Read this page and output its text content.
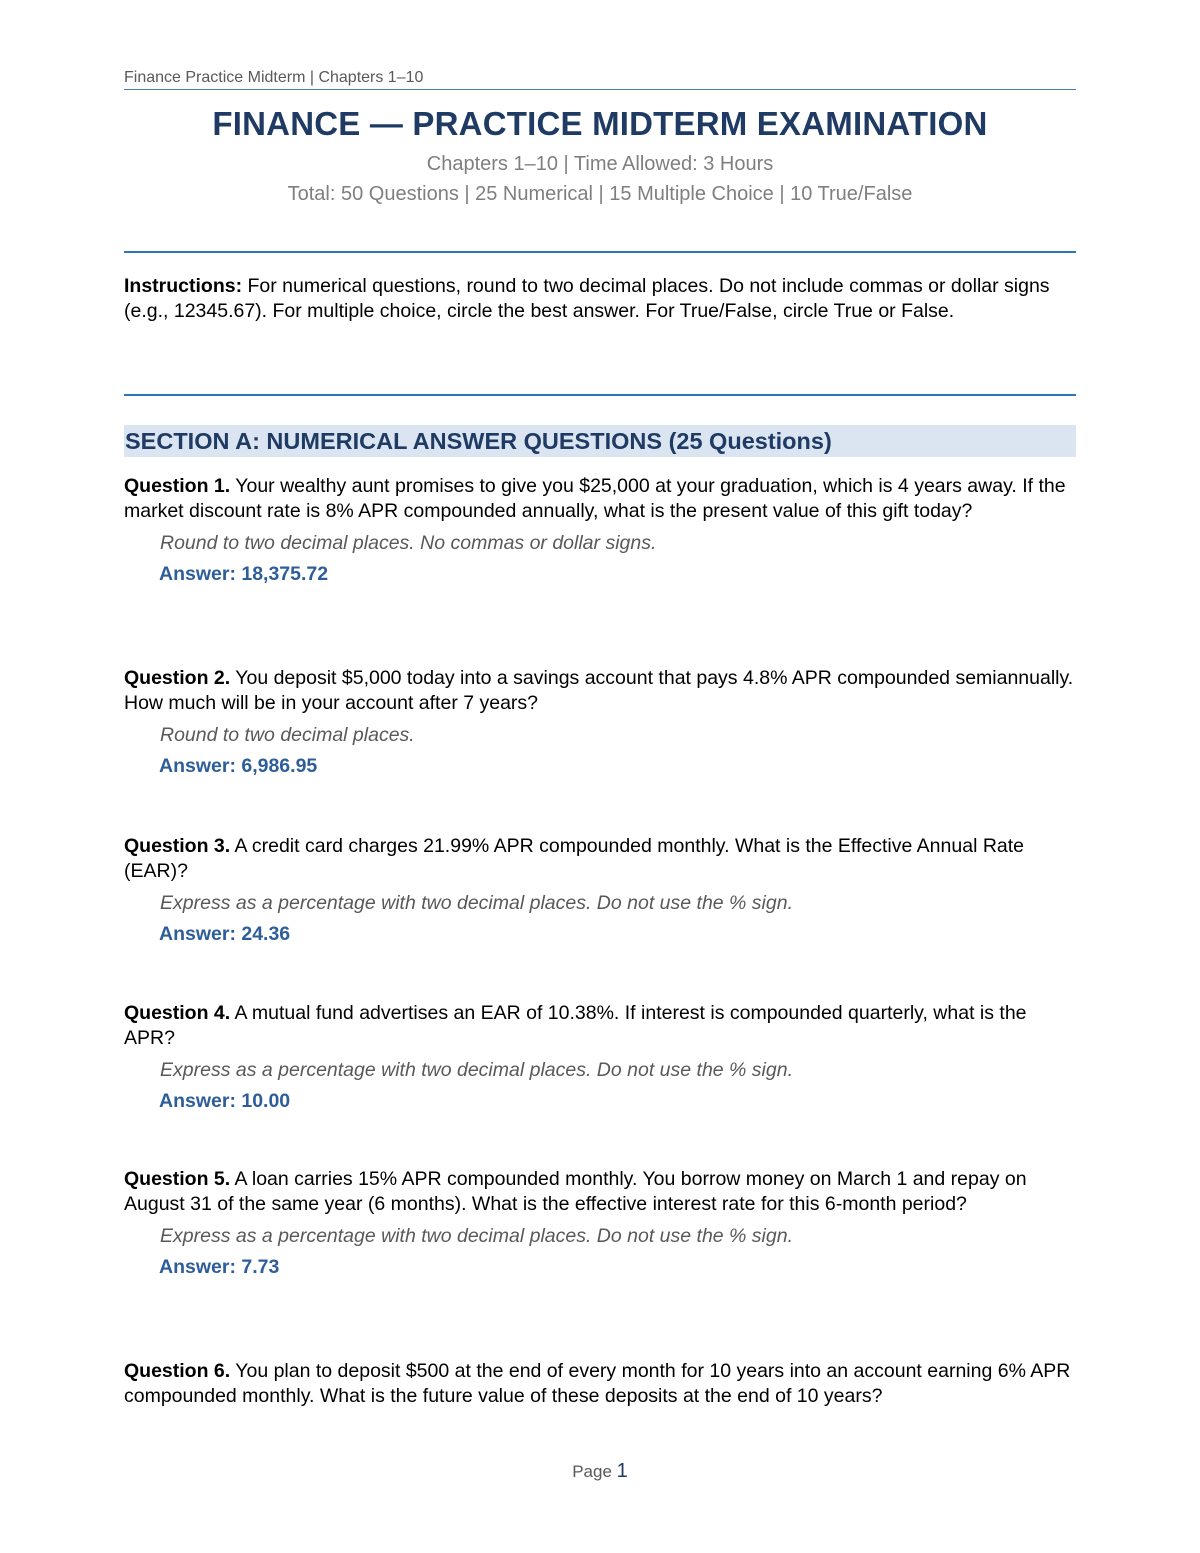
Finance Practice Midterm | Chapters 1–10
FINANCE — PRACTICE MIDTERM EXAMINATION
Chapters 1–10 | Time Allowed: 3 Hours
Total: 50 Questions | 25 Numerical | 15 Multiple Choice | 10 True/False
Instructions: For numerical questions, round to two decimal places. Do not include commas or dollar signs (e.g., 12345.67). For multiple choice, circle the best answer. For True/False, circle True or False.
SECTION A: NUMERICAL ANSWER QUESTIONS (25 Questions)
Question 1. Your wealthy aunt promises to give you $25,000 at your graduation, which is 4 years away. If the market discount rate is 8% APR compounded annually, what is the present value of this gift today?
Round to two decimal places. No commas or dollar signs.
Answer: 18,375.72
Question 2. You deposit $5,000 today into a savings account that pays 4.8% APR compounded semiannually. How much will be in your account after 7 years?
Round to two decimal places.
Answer: 6,986.95
Question 3. A credit card charges 21.99% APR compounded monthly. What is the Effective Annual Rate (EAR)?
Express as a percentage with two decimal places. Do not use the % sign.
Answer: 24.36
Question 4. A mutual fund advertises an EAR of 10.38%. If interest is compounded quarterly, what is the APR?
Express as a percentage with two decimal places. Do not use the % sign.
Answer: 10.00
Question 5. A loan carries 15% APR compounded monthly. You borrow money on March 1 and repay on August 31 of the same year (6 months). What is the effective interest rate for this 6-month period?
Express as a percentage with two decimal places. Do not use the % sign.
Answer: 7.73
Question 6. You plan to deposit $500 at the end of every month for 10 years into an account earning 6% APR compounded monthly. What is the future value of these deposits at the end of 10 years?
Page 1
